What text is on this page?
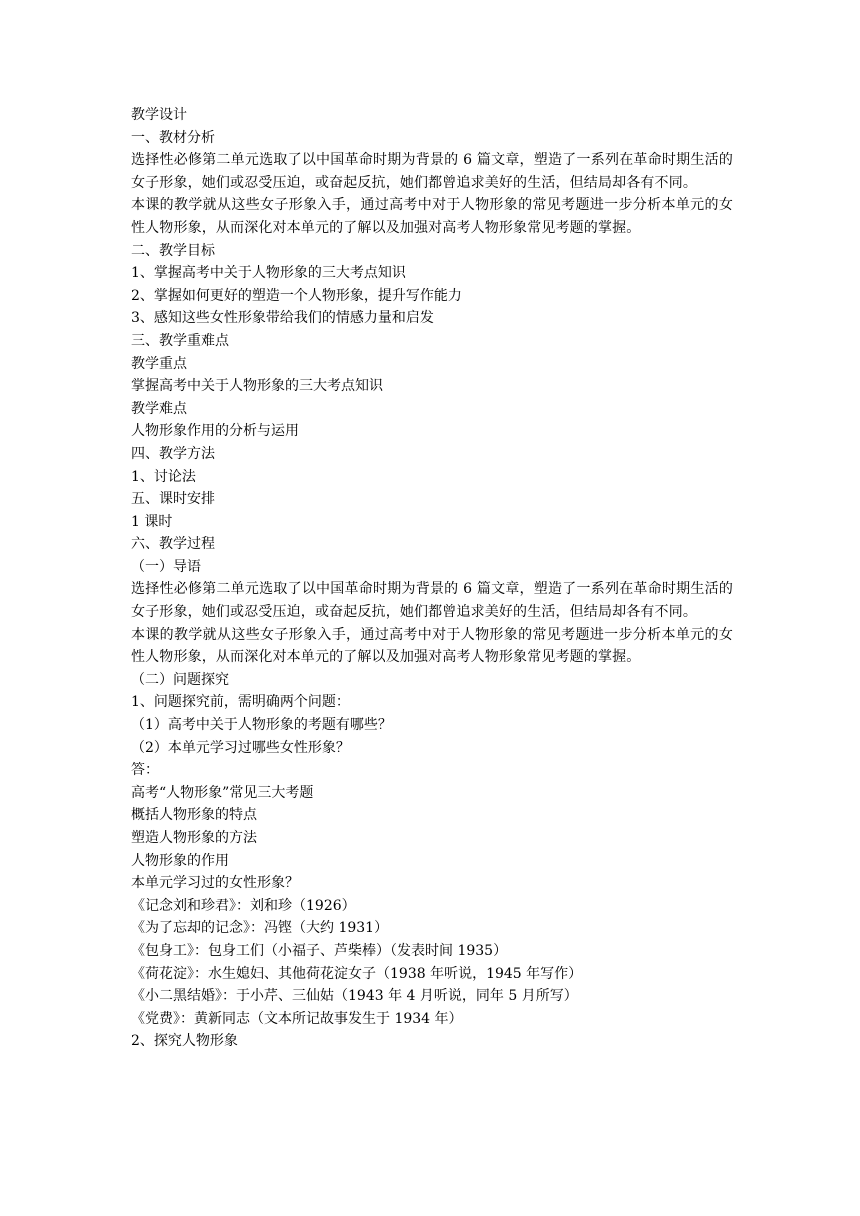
教学设计
一、教材分析
选择性必修第二单元选取了以中国革命时期为背景的 6 篇文章，塑造了一系列在革命时期生活的女子形象，她们或忍受压迫，或奋起反抗，她们都曾追求美好的生活，但结局却各有不同。
本课的教学就从这些女子形象入手，通过高考中对于人物形象的常见考题进一步分析本单元的女性人物形象，从而深化对本单元的了解以及加强对高考人物形象常见考题的掌握。
二、教学目标
1、掌握高考中关于人物形象的三大考点知识
2、掌握如何更好的塑造一个人物形象，提升写作能力
3、感知这些女性形象带给我们的情感力量和启发
三、教学重难点
教学重点
掌握高考中关于人物形象的三大考点知识
教学难点
人物形象作用的分析与运用
四、教学方法
1、讨论法
五、课时安排
1 课时
六、教学过程
（一）导语
选择性必修第二单元选取了以中国革命时期为背景的 6 篇文章，塑造了一系列在革命时期生活的女子形象，她们或忍受压迫，或奋起反抗，她们都曾追求美好的生活，但结局却各有不同。
本课的教学就从这些女子形象入手，通过高考中对于人物形象的常见考题进一步分析本单元的女性人物形象，从而深化对本单元的了解以及加强对高考人物形象常见考题的掌握。
（二）问题探究
1、问题探究前，需明确两个问题：
（1）高考中关于人物形象的考题有哪些？
（2）本单元学习过哪些女性形象？
答：
高考“人物形象”常见三大考题
概括人物形象的特点
塑造人物形象的方法
人物形象的作用
本单元学习过的女性形象？
《记念刘和珍君》：刘和珍（1926）
《为了忘却的记念》：冯铿（大约 1931）
《包身工》：包身工们（小福子、芦柴棒）（发表时间 1935）
《荷花淀》：水生媳妇、其他荷花淀女子（1938 年听说，1945 年写作）
《小二黑结婚》：于小芹、三仙姑（1943 年 4 月听说，同年 5 月所写）
《党费》：黄新同志（文本所记故事发生于 1934 年）
2、探究人物形象
